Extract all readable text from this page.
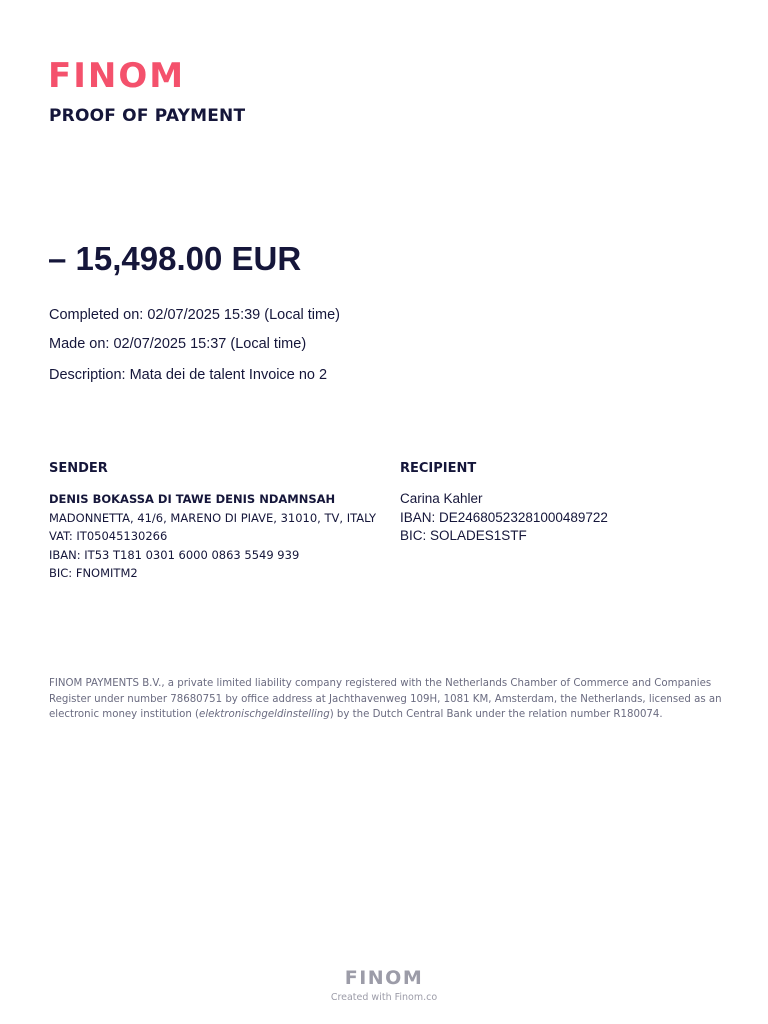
FINOM
PROOF OF PAYMENT
– 15,498.00 EUR
Completed on: 02/07/2025 15:39 (Local time)
Made on: 02/07/2025 15:37 (Local time)
Description: Mata dei de talent Invoice no 2
SENDER	RECIPIENT
DENIS BOKASSA DI TAWE DENIS NDAMNSAH
MADONNETTA, 41/6, MARENO DI PIAVE, 31010, TV, ITALY
VAT: IT05045130266
IBAN: IT53 T181 0301 6000 0863 5549 939
BIC: FNOMITM2
Carina Kahler
IBAN: DE24680523281000489722
BIC: SOLADES1STF
FINOM PAYMENTS B.V., a private limited liability company registered with the Netherlands Chamber of Commerce and Companies Register under number 78680751 by office address at Jachthavenweg 109H, 1081 KM, Amsterdam, the Netherlands, licensed as an electronic money institution (elektronischgeldinstelling) by the Dutch Central Bank under the relation number R180074.
FINOM
Created with Finom.co
